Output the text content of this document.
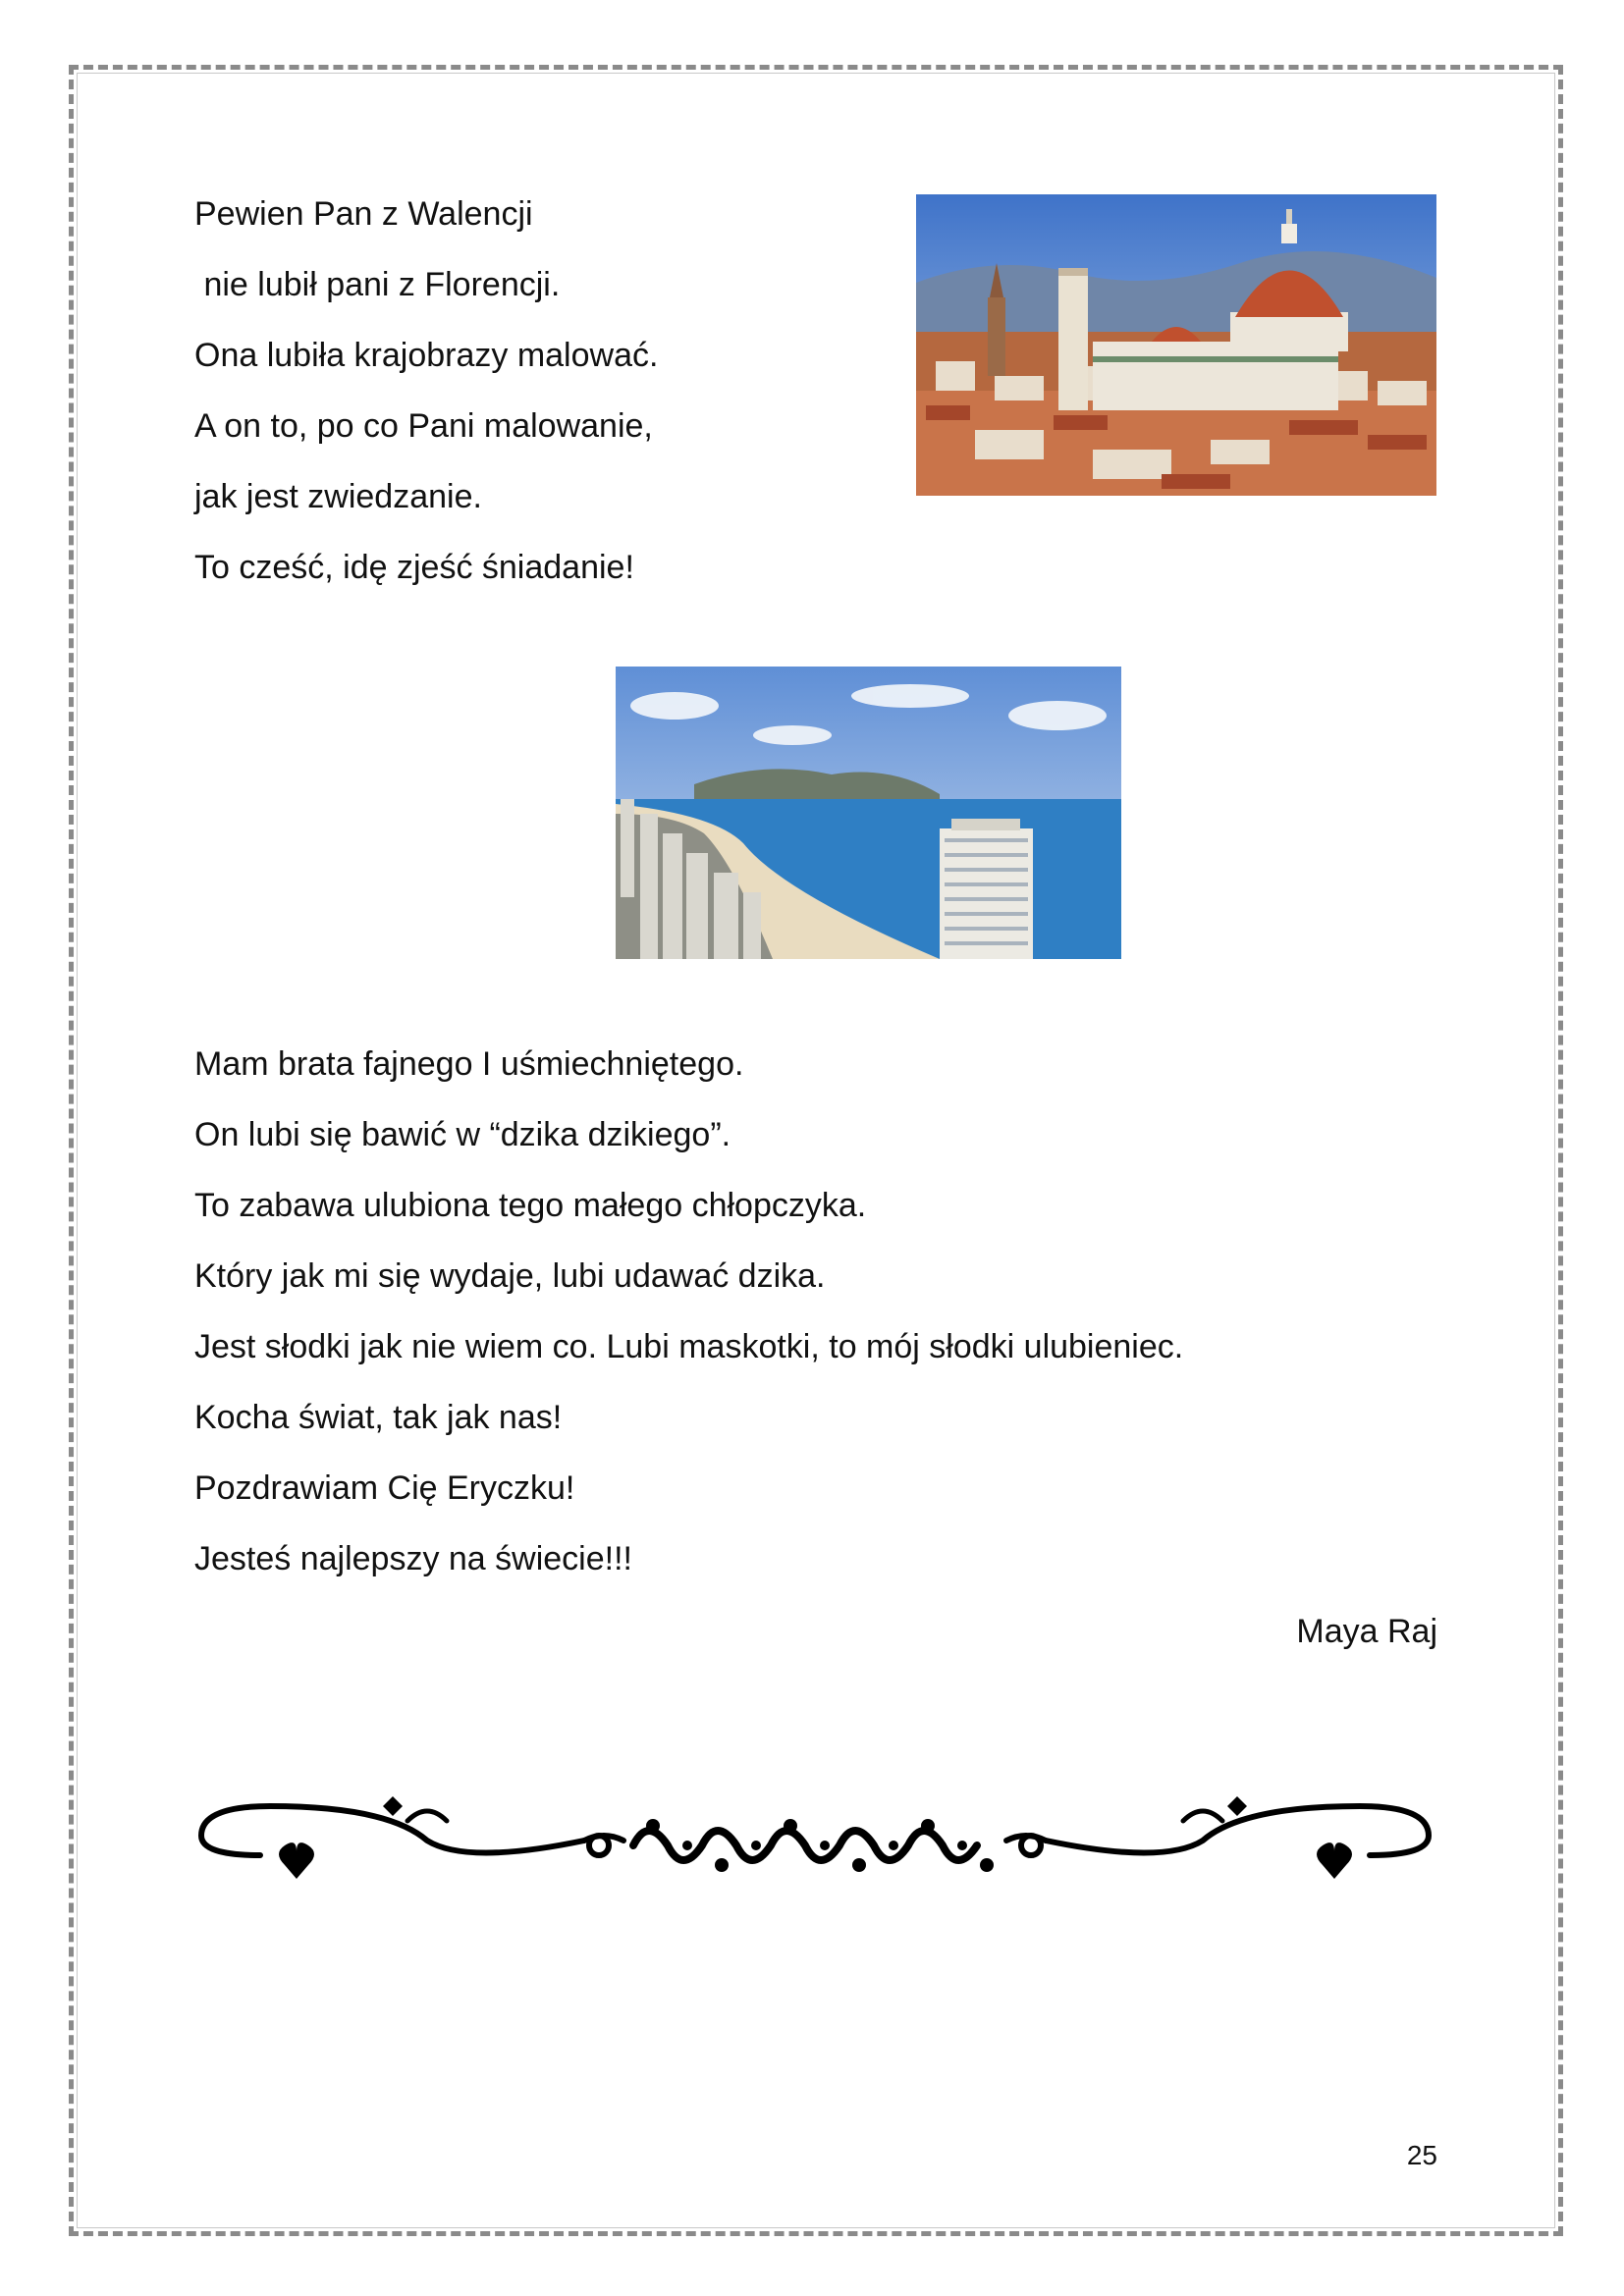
Pewien Pan z Walencji
nie lubił pani z Florencji.
Ona lubiła krajobrazy malować.
A on to, po co Pani malowanie,
jak jest zwiedzanie.
To cześć, idę zjeść śniadanie!
Mam brata fajnego I uśmiechniętego.
On lubi się bawić w “dzika dzikiego”.
To zabawa ulubiona tego małego chłopczyka.
Który jak mi się wydaje, lubi udawać dzika.
Jest słodki jak nie wiem co. Lubi maskotki, to mój słodki ulubieniec.
Kocha świat, tak jak nas!
Pozdrawiam Cię Eryczku!
Jesteś najlepszy na świecie!!!
Maya Raj
25
